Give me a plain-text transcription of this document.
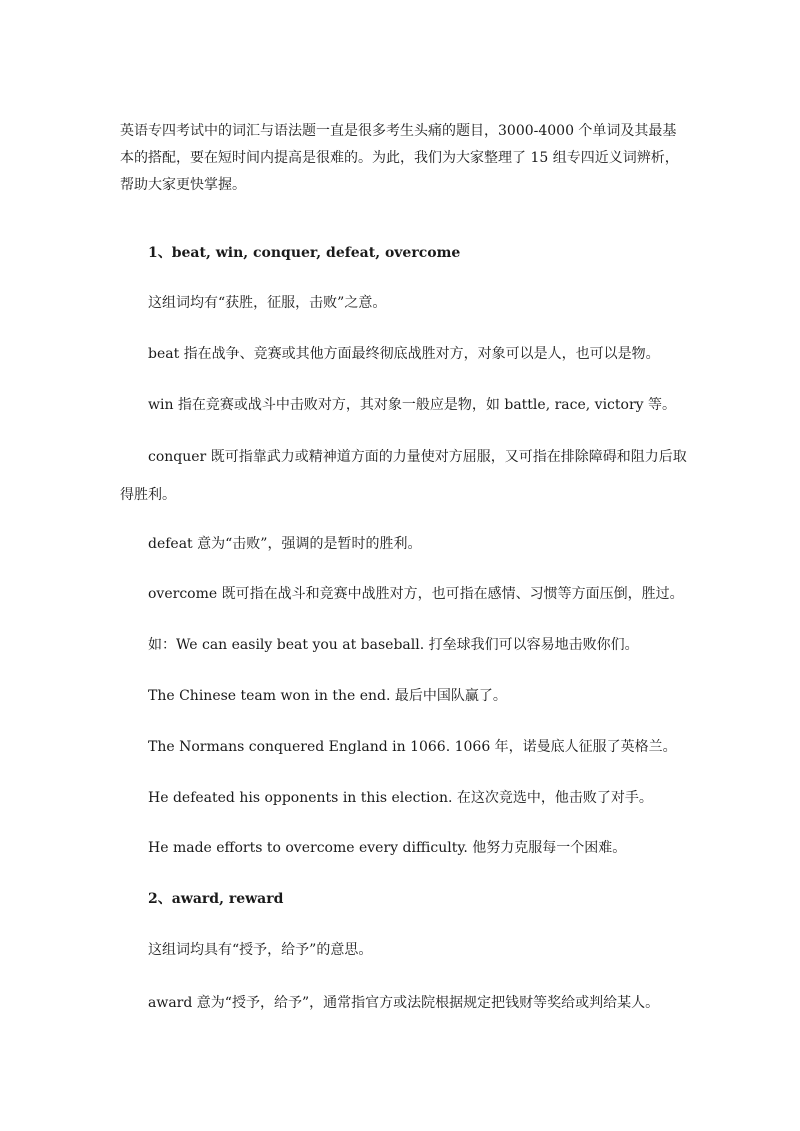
英语专四考试中的词汇与语法题一直是很多考生头痛的题目，3000-4000 个单词及其最基本的搭配，要在短时间内提高是很难的。为此，我们为大家整理了 15 组专四近义词辨析，帮助大家更快掌握。

1、beat, win, conquer, defeat, overcome

这组词均有“获胜，征服，击败”之意。

beat 指在战争、竞赛或其他方面最终彻底战胜对方，对象可以是人，也可以是物。

win 指在竞赛或战斗中击败对方，其对象一般应是物，如 battle, race, victory 等。

conquer 既可指靠武力或精神道方面的力量使对方屈服，又可指在排除障碍和阻力后取得胜利。

defeat 意为“击败”，强调的是暂时的胜利。

overcome 既可指在战斗和竞赛中战胜对方，也可指在感情、习惯等方面压倒，胜过。

如：We can easily beat you at baseball. 打垒球我们可以容易地击败你们。

The Chinese team won in the end. 最后中国队赢了。

The Normans conquered England in 1066. 1066 年，诺曼底人征服了英格兰。

He defeated his opponents in this election. 在这次竞选中，他击败了对手。

He made efforts to overcome every difficulty. 他努力克服每一个困难。

2、award, reward

这组词均具有“授予，给予”的意思。

award 意为“授予，给予”，通常指官方或法院根据规定把钱财等奖给或判给某人。
